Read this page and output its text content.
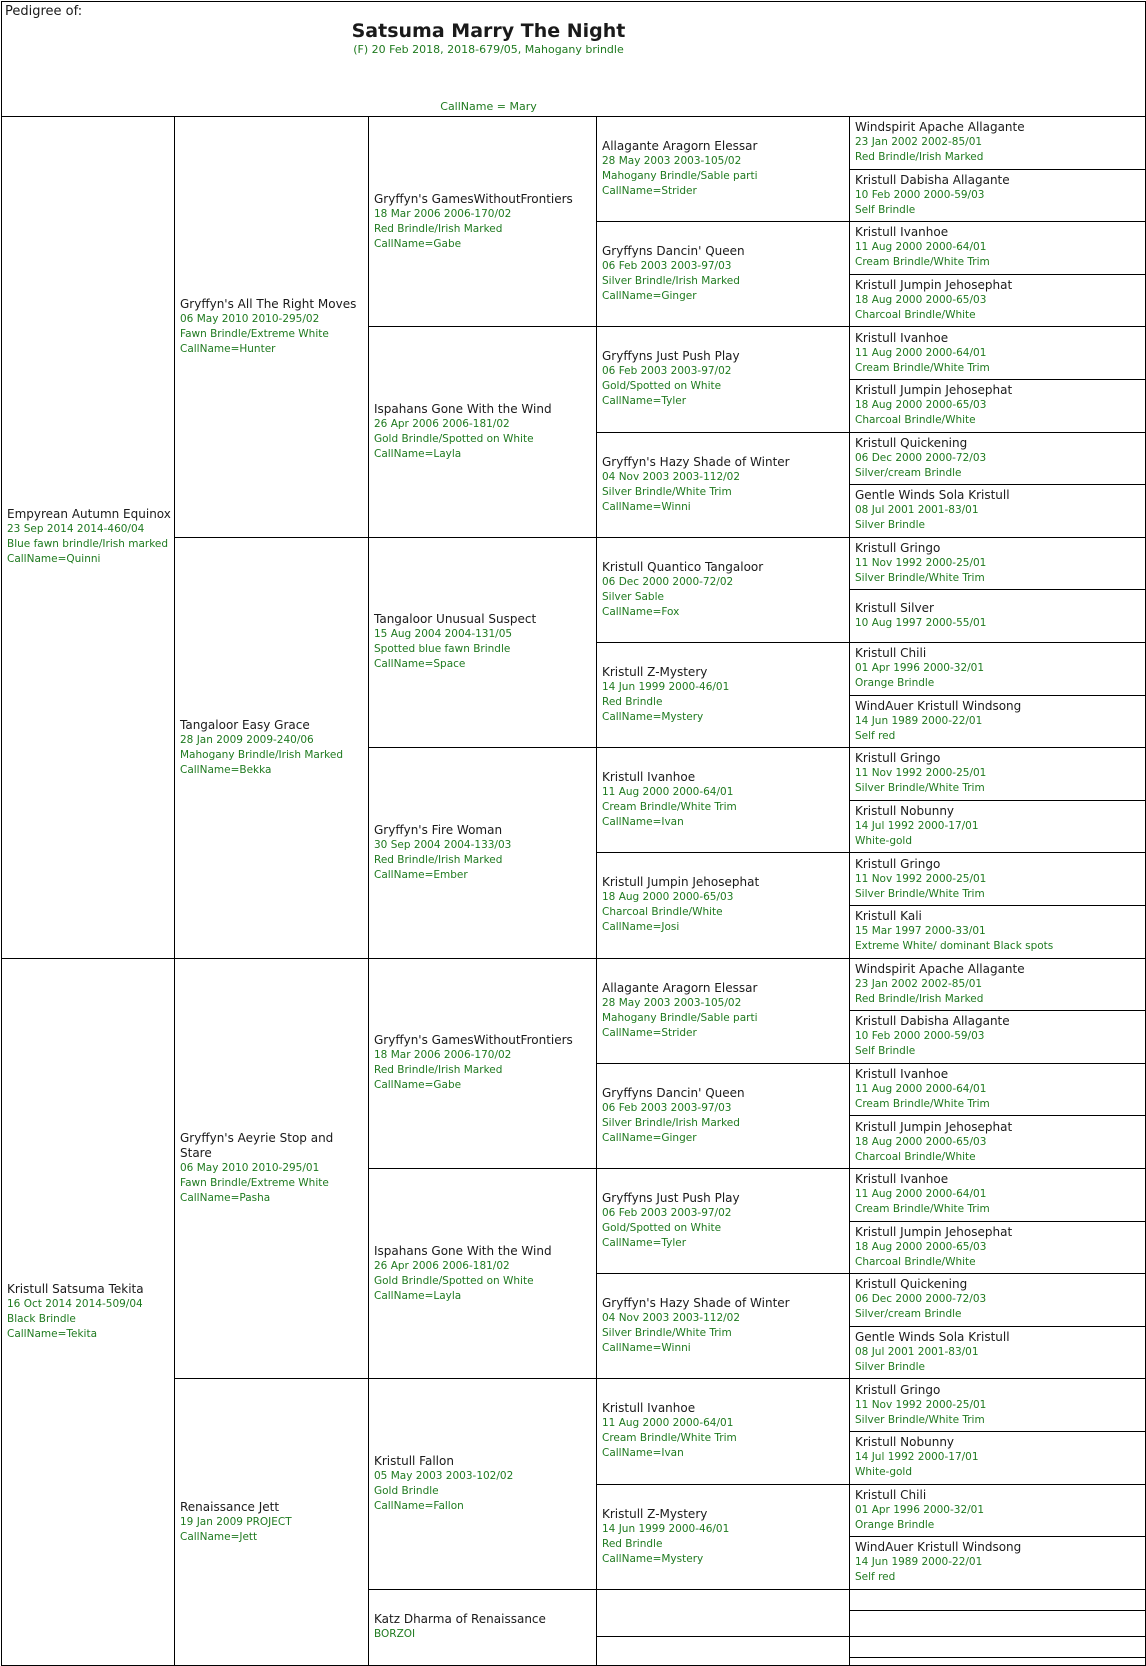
Pedigree of:
Satsuma Marry The Night
(F) 20 Feb 2018, 2018-679/05, Mahogany brindle
CallName = Mary
Empyrean Autumn Equinox
23 Sep 2014 2014-460/04
Blue fawn brindle/Irish marked
CallName=Quinni
Kristull Satsuma Tekita
16 Oct 2014 2014-509/04
Black Brindle
CallName=Tekita
Gryffyn's All The Right Moves
06 May 2010 2010-295/02
Fawn Brindle/Extreme White
CallName=Hunter
Tangaloor Easy Grace
28 Jan 2009 2009-240/06
Mahogany Brindle/Irish Marked
CallName=Bekka
Gryffyn's Aeyrie Stop and Stare
06 May 2010 2010-295/01
Fawn Brindle/Extreme White
CallName=Pasha
Renaissance Jett
19 Jan 2009 PROJECT
CallName=Jett
Gryffyn's GamesWithoutFrontiers
18 Mar 2006 2006-170/02
Red Brindle/Irish Marked
CallName=Gabe
Ispahans Gone With the Wind
26 Apr 2006 2006-181/02
Gold Brindle/Spotted on White
CallName=Layla
Tangaloor Unusual Suspect
15 Aug 2004 2004-131/05
Spotted blue fawn Brindle
CallName=Space
Gryffyn's Fire Woman
30 Sep 2004 2004-133/03
Red Brindle/Irish Marked
CallName=Ember
Gryffyn's GamesWithoutFrontiers
18 Mar 2006 2006-170/02
Red Brindle/Irish Marked
CallName=Gabe
Ispahans Gone With the Wind
26 Apr 2006 2006-181/02
Gold Brindle/Spotted on White
CallName=Layla
Kristull Fallon
05 May 2003 2003-102/02
Gold Brindle
CallName=Fallon
Katz Dharma of Renaissance
BORZOI
Allagante Aragorn Elessar
28 May 2003 2003-105/02
Mahogany Brindle/Sable parti
CallName=Strider
Gryffyns Dancin' Queen
06 Feb 2003 2003-97/03
Silver Brindle/Irish Marked
CallName=Ginger
Gryffyns Just Push Play
06 Feb 2003 2003-97/02
Gold/Spotted on White
CallName=Tyler
Gryffyn's Hazy Shade of Winter
04 Nov 2003 2003-112/02
Silver Brindle/White Trim
CallName=Winni
Kristull Quantico Tangaloor
06 Dec 2000 2000-72/02
Silver Sable
CallName=Fox
Kristull Z-Mystery
14 Jun 1999 2000-46/01
Red Brindle
CallName=Mystery
Kristull Ivanhoe
11 Aug 2000 2000-64/01
Cream Brindle/White Trim
CallName=Ivan
Kristull Jumpin Jehosephat
18 Aug 2000 2000-65/03
Charcoal Brindle/White
CallName=Josi
Allagante Aragorn Elessar
28 May 2003 2003-105/02
Mahogany Brindle/Sable parti
CallName=Strider
Gryffyns Dancin' Queen
06 Feb 2003 2003-97/03
Silver Brindle/Irish Marked
CallName=Ginger
Gryffyns Just Push Play
06 Feb 2003 2003-97/02
Gold/Spotted on White
CallName=Tyler
Gryffyn's Hazy Shade of Winter
04 Nov 2003 2003-112/02
Silver Brindle/White Trim
CallName=Winni
Kristull Ivanhoe
11 Aug 2000 2000-64/01
Cream Brindle/White Trim
CallName=Ivan
Kristull Z-Mystery
14 Jun 1999 2000-46/01
Red Brindle
CallName=Mystery
Windspirit Apache Allagante
23 Jan 2002 2002-85/01
Red Brindle/Irish Marked
Kristull Dabisha Allagante
10 Feb 2000 2000-59/03
Self Brindle
Kristull Ivanhoe
11 Aug 2000 2000-64/01
Cream Brindle/White Trim
Kristull Jumpin Jehosephat
18 Aug 2000 2000-65/03
Charcoal Brindle/White
Kristull Ivanhoe
11 Aug 2000 2000-64/01
Cream Brindle/White Trim
Kristull Jumpin Jehosephat
18 Aug 2000 2000-65/03
Charcoal Brindle/White
Kristull Quickening
06 Dec 2000 2000-72/03
Silver/cream Brindle
Gentle Winds Sola Kristull
08 Jul 2001 2001-83/01
Silver Brindle
Kristull Gringo
11 Nov 1992 2000-25/01
Silver Brindle/White Trim
Kristull Silver
10 Aug 1997 2000-55/01
Kristull Chili
01 Apr 1996 2000-32/01
Orange Brindle
WindAuer Kristull Windsong
14 Jun 1989 2000-22/01
Self red
Kristull Gringo
11 Nov 1992 2000-25/01
Silver Brindle/White Trim
Kristull Nobunny
14 Jul 1992 2000-17/01
White-gold
Kristull Gringo
11 Nov 1992 2000-25/01
Silver Brindle/White Trim
Kristull Kali
15 Mar 1997 2000-33/01
Extreme White/ dominant Black spots
Windspirit Apache Allagante
23 Jan 2002 2002-85/01
Red Brindle/Irish Marked
Kristull Dabisha Allagante
10 Feb 2000 2000-59/03
Self Brindle
Kristull Ivanhoe
11 Aug 2000 2000-64/01
Cream Brindle/White Trim
Kristull Jumpin Jehosephat
18 Aug 2000 2000-65/03
Charcoal Brindle/White
Kristull Ivanhoe
11 Aug 2000 2000-64/01
Cream Brindle/White Trim
Kristull Jumpin Jehosephat
18 Aug 2000 2000-65/03
Charcoal Brindle/White
Kristull Quickening
06 Dec 2000 2000-72/03
Silver/cream Brindle
Gentle Winds Sola Kristull
08 Jul 2001 2001-83/01
Silver Brindle
Kristull Gringo
11 Nov 1992 2000-25/01
Silver Brindle/White Trim
Kristull Nobunny
14 Jul 1992 2000-17/01
White-gold
Kristull Chili
01 Apr 1996 2000-32/01
Orange Brindle
WindAuer Kristull Windsong
14 Jun 1989 2000-22/01
Self red
